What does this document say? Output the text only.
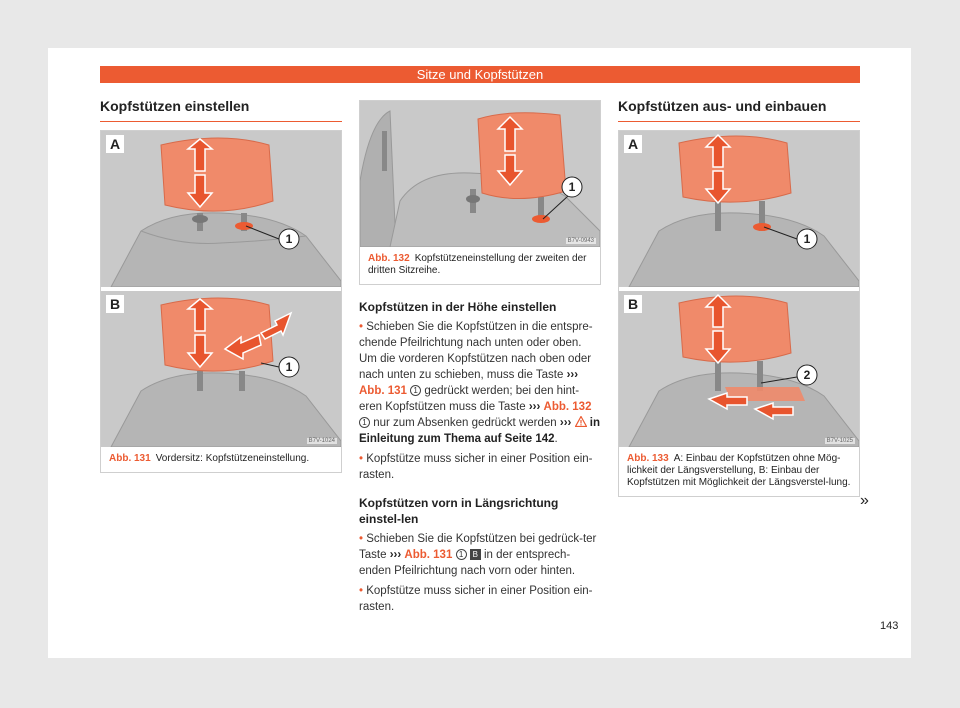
Sitze und Kopfstützen
Kopfstützen einstellen
A
1
B
1
B7V-1024
Abb. 131 Vordersitz: Kopfstützeneinstellung.
1
B7V-0943
Abb. 132 Kopfstützeneinstellung der zweiten der dritten Sitzreihe.
Kopfstützen in der Höhe einstellen
• Schieben Sie die Kopfstützen in die entspre-chende Pfeilrichtung nach unten oder oben. Um die vorderen Kopfstützen nach oben oder nach unten zu schieben, muss die Taste ››› Abb. 131 1 gedrückt werden; bei den hint-eren Kopfstützen muss die Taste ››› Abb. 132 1 nur zum Absenken gedrückt werden ››› in Einleitung zum Thema auf Seite 142.
• Kopfstütze muss sicher in einer Position ein-rasten.
Kopfstützen vorn in Längsrichtung einstel-len
• Schieben Sie die Kopfstützen bei gedrück-ter Taste ››› Abb. 131 1 B in der entsprech-enden Pfeilrichtung nach vorn oder hinten.
• Kopfstütze muss sicher in einer Position ein-rasten.
Kopfstützen aus- und einbauen
A
1
B
2
B7V-1025
Abb. 133 A: Einbau der Kopfstützen ohne Mög-lichkeit der Längsverstellung, B: Einbau der Kopfstützen mit Möglichkeit der Längsverstel-lung.
»
143
